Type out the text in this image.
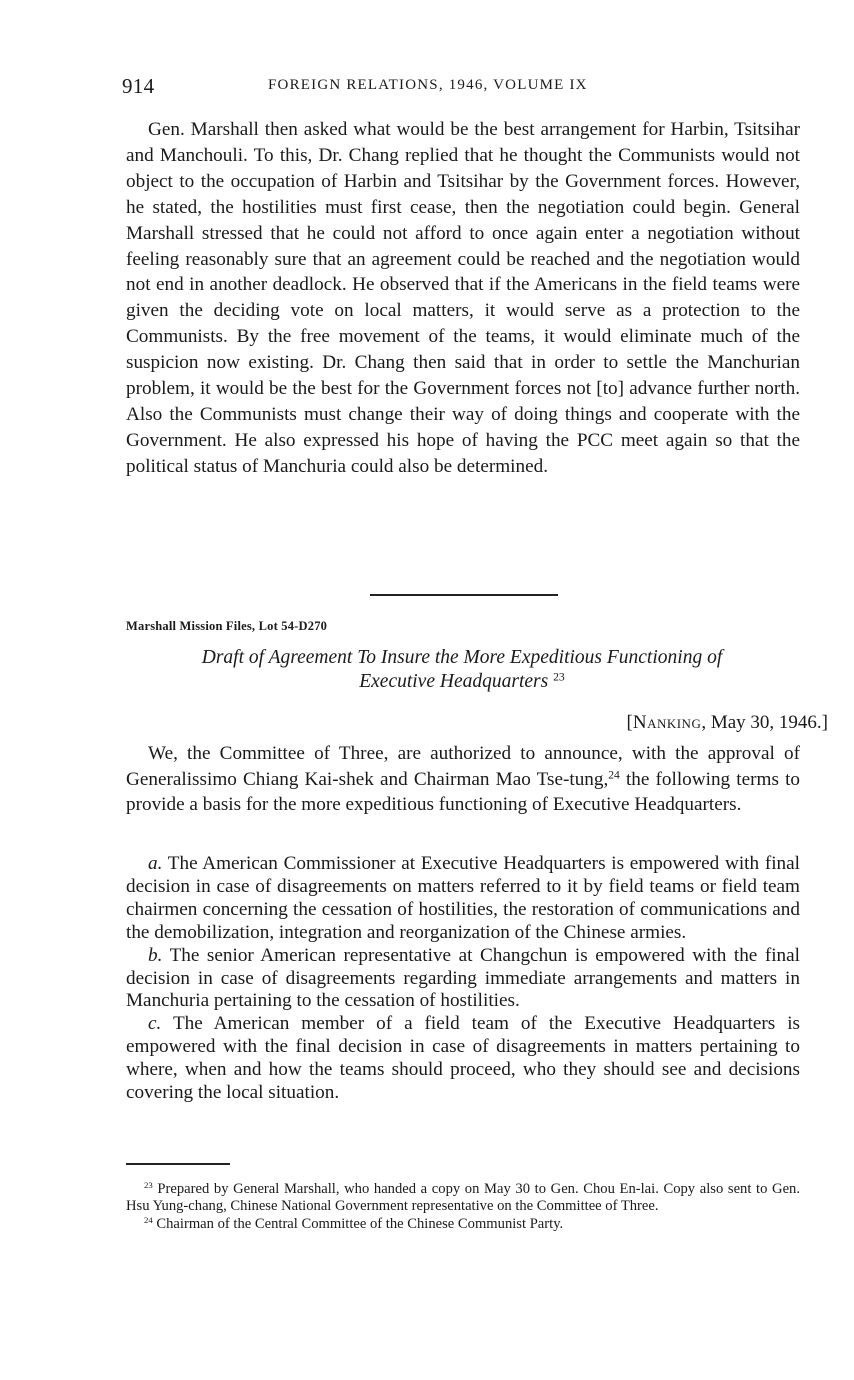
914	FOREIGN RELATIONS, 1946, VOLUME IX

Gen. Marshall then asked what would be the best arrangement for Harbin, Tsitsihar and Manchouli. To this, Dr. Chang replied that he thought the Communists would not object to the occupation of Harbin and Tsitsihar by the Government forces. However, he stated, the hostilities must first cease, then the negotiation could begin. General Marshall stressed that he could not afford to once again enter a negotiation without feeling reasonably sure that an agreement could be reached and the negotiation would not end in another deadlock. He observed that if the Americans in the field teams were given the deciding vote on local matters, it would serve as a protection to the Communists. By the free movement of the teams, it would eliminate much of the suspicion now existing. Dr. Chang then said that in order to settle the Manchurian problem, it would be the best for the Government forces not [to] advance further north. Also the Communists must change their way of doing things and cooperate with the Government. He also expressed his hope of having the PCC meet again so that the political status of Manchuria could also be determined.

Marshall Mission Files, Lot 54-D270

Draft of Agreement To Insure the More Expeditious Functioning of
Executive Headquarters $^{23}$

[Nanking, May 30, 1946.]

We, the Committee of Three, are authorized to announce, with the approval of Generalissimo Chiang Kai-shek and Chairman Mao Tse-tung,$^{24}$ the following terms to provide a basis for the more expeditious functioning of Executive Headquarters.

a. The American Commissioner at Executive Headquarters is empowered with final decision in case of disagreements on matters referred to it by field teams or field team chairmen concerning the cessation of hostilities, the restoration of communications and the demobilization, integration and reorganization of the Chinese armies.

b. The senior American representative at Changchun is empowered with the final decision in case of disagreements regarding immediate arrangements and matters in Manchuria pertaining to the cessation of hostilities.

c. The American member of a field team of the Executive Headquarters is empowered with the final decision in case of disagreements in matters pertaining to where, when and how the teams should proceed, who they should see and decisions covering the local situation.

$^{23}$ Prepared by General Marshall, who handed a copy on May 30 to Gen. Chou En-lai. Copy also sent to Gen. Hsu Yung-chang, Chinese National Government representative on the Committee of Three.

$^{24}$ Chairman of the Central Committee of the Chinese Communist Party.
